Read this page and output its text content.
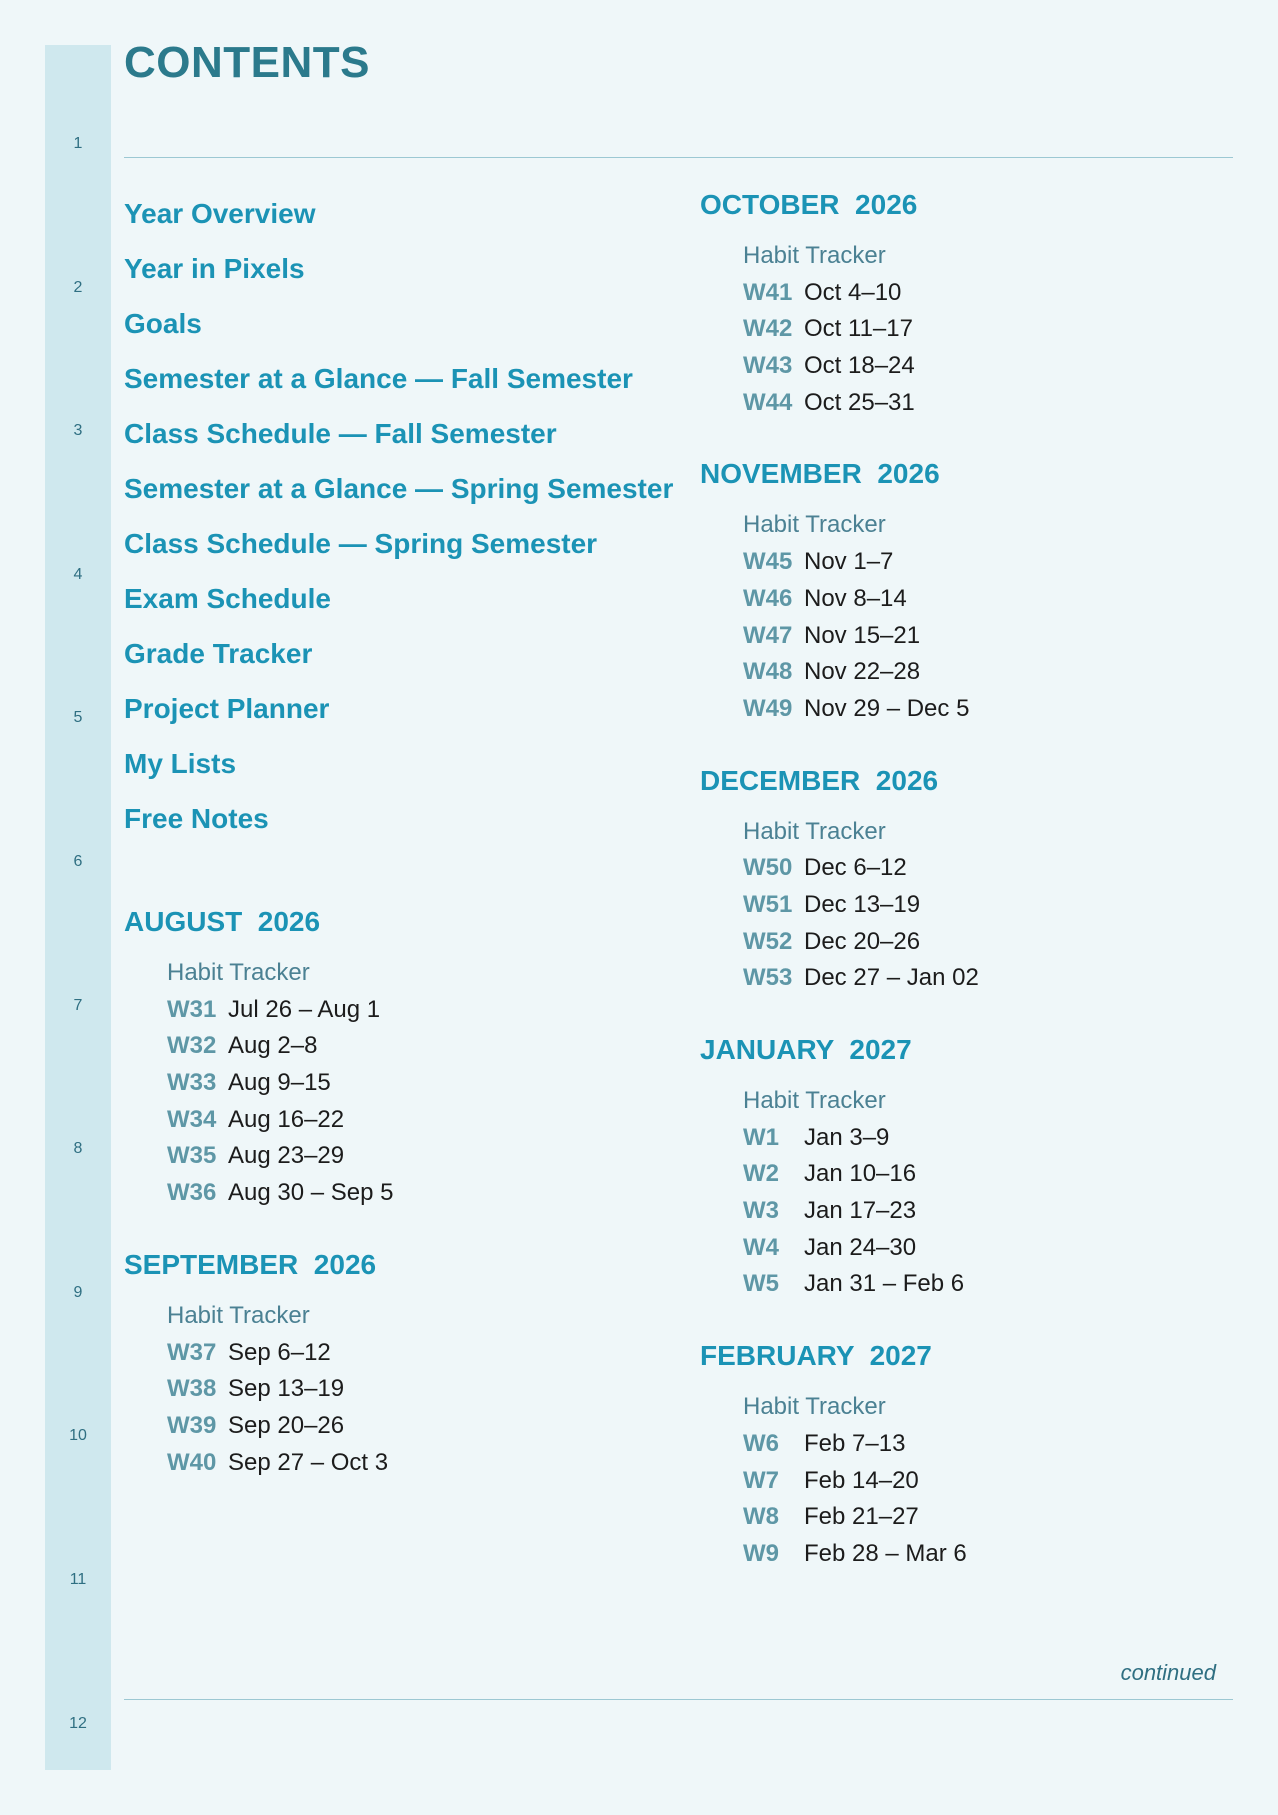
1
2
3
4
5
6
7
8
9
10
11
12
CONTENTS
Year Overview
Year in Pixels
Goals
Semester at a Glance — Fall Semester
Class Schedule — Fall Semester
Semester at a Glance — Spring Semester
Class Schedule — Spring Semester
Exam Schedule
Grade Tracker
Project Planner
My Lists
Free Notes
AUGUST  2026
Habit Tracker
W31 Jul 26 – Aug 1
W32 Aug 2–8
W33 Aug 9–15
W34 Aug 16–22
W35 Aug 23–29
W36 Aug 30 – Sep 5
SEPTEMBER  2026
Habit Tracker
W37 Sep 6–12
W38 Sep 13–19
W39 Sep 20–26
W40 Sep 27 – Oct 3
OCTOBER  2026
Habit Tracker
W41 Oct 4–10
W42 Oct 11–17
W43 Oct 18–24
W44 Oct 25–31
NOVEMBER  2026
Habit Tracker
W45 Nov 1–7
W46 Nov 8–14
W47 Nov 15–21
W48 Nov 22–28
W49 Nov 29 – Dec 5
DECEMBER  2026
Habit Tracker
W50 Dec 6–12
W51 Dec 13–19
W52 Dec 20–26
W53 Dec 27 – Jan 02
JANUARY  2027
Habit Tracker
W1 Jan 3–9
W2 Jan 10–16
W3 Jan 17–23
W4 Jan 24–30
W5 Jan 31 – Feb 6
FEBRUARY  2027
Habit Tracker
W6 Feb 7–13
W7 Feb 14–20
W8 Feb 21–27
W9 Feb 28 – Mar 6
continued
